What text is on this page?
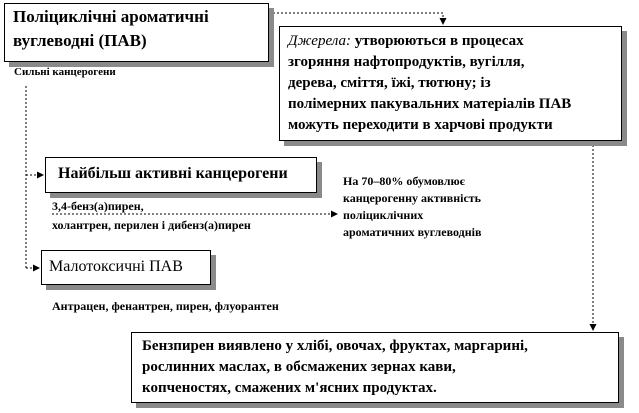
Поліциклічні ароматичні
вуглеводні (ПАВ)	Джерела: утворюються в процесах
згоряння нафтопродуктів, вугілля,
дерева, сміття, їжі, тютюну; із
полімерних пакувальних матеріалів ПАВ
можуть переходити в харчові продукти
Сильні канцерогени
Найбільш активні канцерогени
3,4-бенз(а)пирен,
холантрен, перилен і дибенз(а)пирен
На 70–80% обумовлює
канцерогенну активність
поліциклічних
ароматичних вуглеводнів
Малотоксичні ПАВ
Антрацен, фенантрен, пирен, флуорантен
Бензпирен виявлено у хлібі, овочах, фруктах, маргарині,
рослинних маслах, в обсмажених зернах кави,
копченостях, смажених м'ясних продуктах.
